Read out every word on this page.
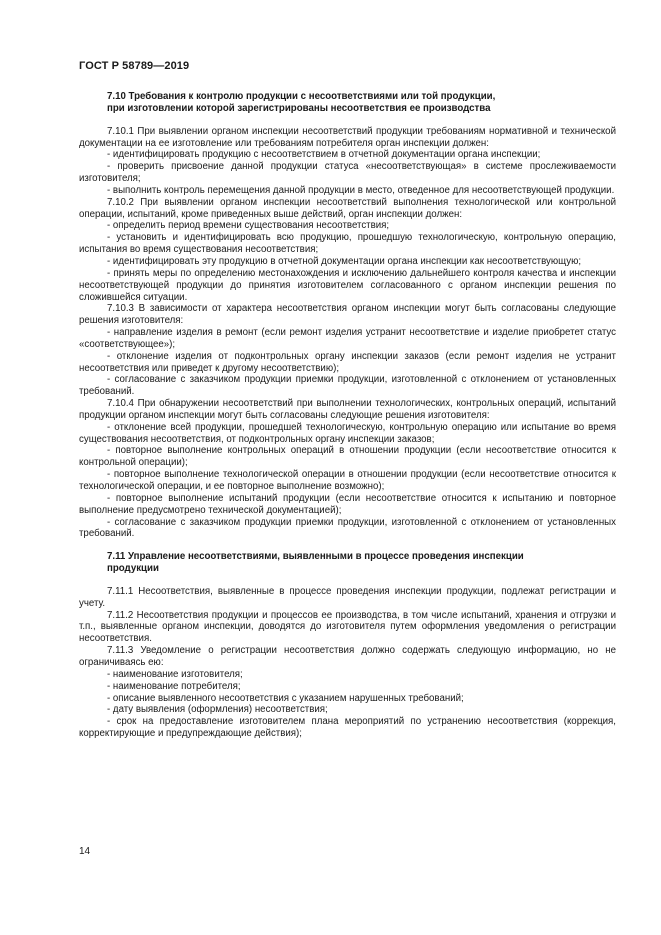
ГОСТ Р 58789—2019
7.10 Требования к контролю продукции с несоответствиями или той продукции,
при изготовлении которой зарегистрированы несоответствия ее производства

7.10.1 При выявлении органом инспекции несоответствий продукции требованиям нормативной и технической документации на ее изготовление или требованиям потребителя орган инспекции должен:

- идентифицировать продукцию с несоответствием в отчетной документации органа инспекции;

- проверить присвоение данной продукции статуса «несоответствующая» в системе прослеживаемости изготовителя;

- выполнить контроль перемещения данной продукции в место, отведенное для несоответствующей продукции.

7.10.2 При выявлении органом инспекции несоответствий выполнения технологической или контрольной операции, испытаний, кроме приведенных выше действий, орган инспекции должен:

- определить период времени существования несоответствия;

- установить и идентифицировать всю продукцию, прошедшую технологическую, контрольную операцию, испытания во время существования несоответствия;

- идентифицировать эту продукцию в отчетной документации органа инспекции как несоответствующую;

- принять меры по определению местонахождения и исключению дальнейшего контроля качества и инспекции несоответствующей продукции до принятия изготовителем согласованного с органом инспекции решения по сложившейся ситуации.

7.10.3 В зависимости от характера несоответствия органом инспекции могут быть согласованы следующие решения изготовителя:

- направление изделия в ремонт (если ремонт изделия устранит несоответствие и изделие приобретет статус «соответствующее»);

- отклонение изделия от подконтрольных органу инспекции заказов (если ремонт изделия не устранит несоответствия или приведет к другому несоответствию);

- согласование с заказчиком продукции приемки продукции, изготовленной с отклонением от установленных требований.

7.10.4 При обнаружении несоответствий при выполнении технологических, контрольных операций, испытаний продукции органом инспекции могут быть согласованы следующие решения изготовителя:

- отклонение всей продукции, прошедшей технологическую, контрольную операцию или испытание во время существования несоответствия, от подконтрольных органу инспекции заказов;

- повторное выполнение контрольных операций в отношении продукции (если несоответствие относится к контрольной операции);

- повторное выполнение технологической операции в отношении продукции (если несоответствие относится к технологической операции, и ее повторное выполнение возможно);

- повторное выполнение испытаний продукции (если несоответствие относится к испытанию и повторное выполнение предусмотрено технической документацией);

- согласование с заказчиком продукции приемки продукции, изготовленной с отклонением от установленных требований.

7.11 Управление несоответствиями, выявленными в процессе проведения инспекции
продукции

7.11.1 Несоответствия, выявленные в процессе проведения инспекции продукции, подлежат регистрации и учету.

7.11.2 Несоответствия продукции и процессов ее производства, в том числе испытаний, хранения и отгрузки и т.п., выявленные органом инспекции, доводятся до изготовителя путем оформления уведомления о регистрации несоответствия.

7.11.3 Уведомление о регистрации несоответствия должно содержать следующую информацию, но не ограничиваясь ею:

- наименование изготовителя;

- наименование потребителя;

- описание выявленного несоответствия с указанием нарушенных требований;

- дату выявления (оформления) несоответствия;

- срок на предоставление изготовителем плана мероприятий по устранению несоответствия (коррекция, корректирующие и предупреждающие действия);

14
